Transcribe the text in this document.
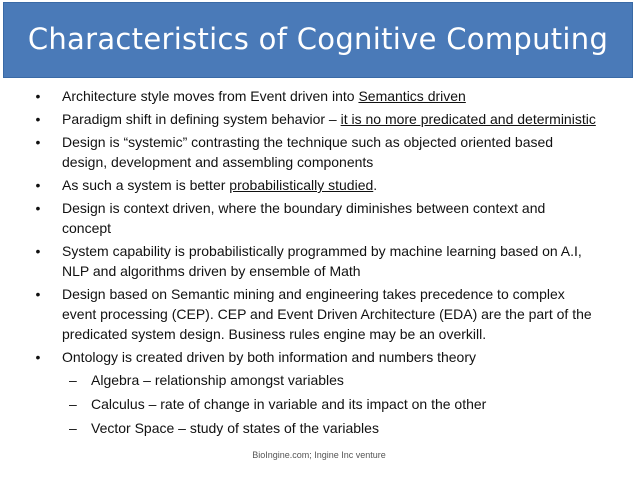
Characteristics of Cognitive Computing
• Architecture style moves from Event driven into Semantics driven
• Paradigm shift in defining system behavior – it is no more predicated and deterministic
• Design is “systemic” contrasting the technique such as objected oriented based design, development and assembling components
• As such a system is better probabilistically studied.
• Design is context driven, where the boundary diminishes between context and concept
• System capability is probabilistically programmed by machine learning based on A.I, NLP and algorithms driven by ensemble of Math
• Design based on Semantic mining and engineering takes precedence to complex event processing (CEP). CEP and Event Driven Architecture (EDA) are the part of the predicated system design. Business rules engine may be an overkill.
• Ontology is created driven by both information and numbers theory
– Algebra – relationship amongst variables
– Calculus – rate of change in variable and its impact on the other
– Vector Space – study of states of the variables
BioIngine.com; Ingine Inc venture
